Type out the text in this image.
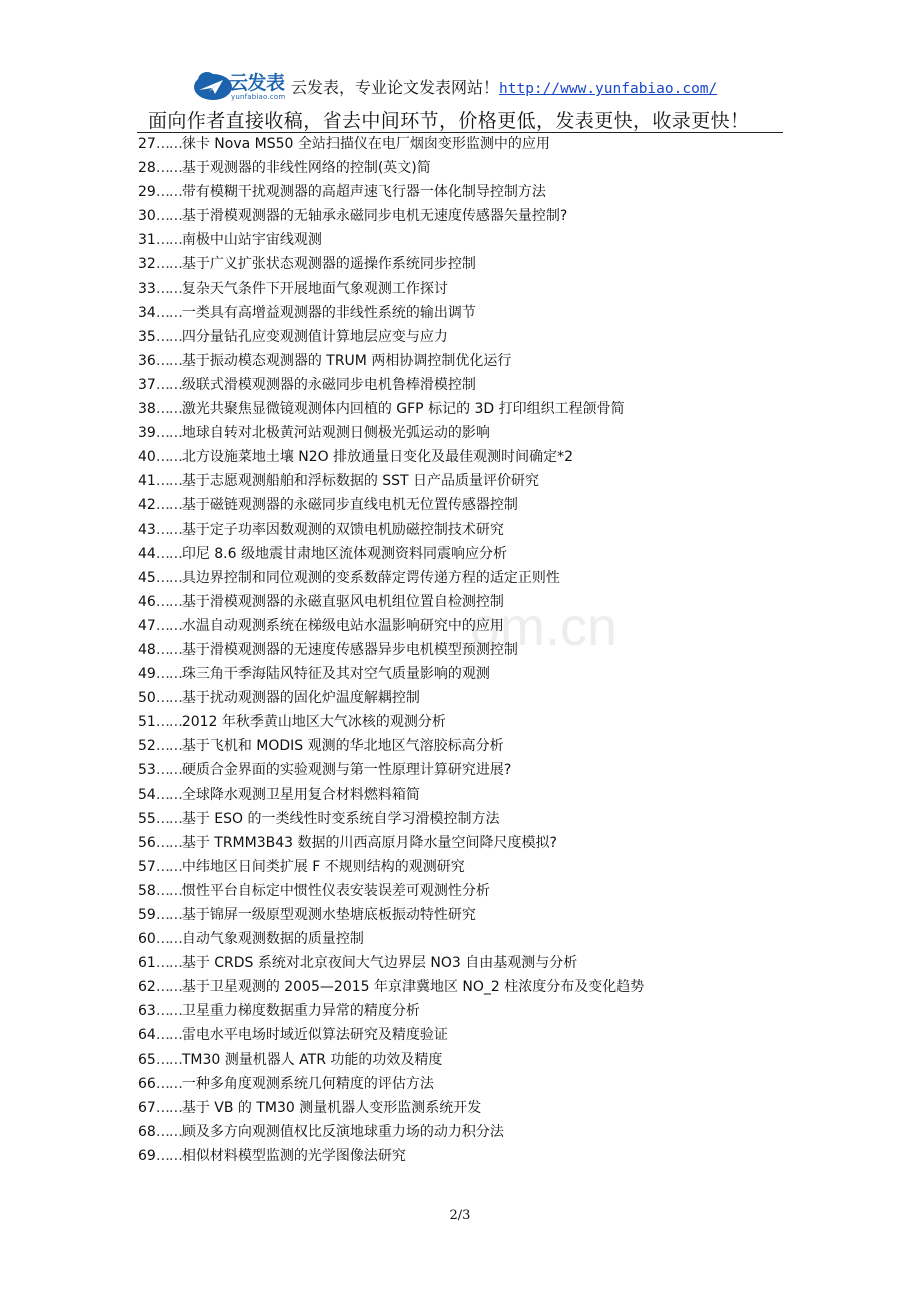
云发表
yunfabiao.com 云发表，专业论文发表网站！http://www.yunfabiao.com/
面向作者直接收稿，省去中间环节，价格更低，发表更快，收录更快！
om.cn
27……徕卡 Nova MS50 全站扫描仪在电厂烟囱变形监测中的应用
28……基于观测器的非线性网络的控制(英文)简
29……带有模糊干扰观测器的高超声速飞行器一体化制导控制方法
30……基于滑模观测器的无轴承永磁同步电机无速度传感器矢量控制?
31……南极中山站宇宙线观测
32……基于广义扩张状态观测器的遥操作系统同步控制
33……复杂天气条件下开展地面气象观测工作探讨
34……一类具有高增益观测器的非线性系统的输出调节
35……四分量钻孔应变观测值计算地层应变与应力
36……基于振动模态观测器的 TRUM 两相协调控制优化运行
37……级联式滑模观测器的永磁同步电机鲁棒滑模控制
38……激光共聚焦显微镜观测体内回植的 GFP 标记的 3D 打印组织工程颌骨简
39……地球自转对北极黄河站观测日侧极光弧运动的影响
40……北方设施菜地土壤 N2O 排放通量日变化及最佳观测时间确定*2
41……基于志愿观测船舶和浮标数据的 SST 日产品质量评价研究
42……基于磁链观测器的永磁同步直线电机无位置传感器控制
43……基于定子功率因数观测的双馈电机励磁控制技术研究
44……印尼 8.6 级地震甘肃地区流体观测资料同震响应分析
45……具边界控制和同位观测的变系数薛定谔传递方程的适定正则性
46……基于滑模观测器的永磁直驱风电机组位置自检测控制
47……水温自动观测系统在梯级电站水温影响研究中的应用
48……基于滑模观测器的无速度传感器异步电机模型预测控制
49……珠三角干季海陆风特征及其对空气质量影响的观测
50……基于扰动观测器的固化炉温度解耦控制
51……2012 年秋季黄山地区大气冰核的观测分析
52……基于飞机和 MODIS 观测的华北地区气溶胶标高分析
53……硬质合金界面的实验观测与第一性原理计算研究进展?
54……全球降水观测卫星用复合材料燃料箱简
55……基于 ESO 的一类线性时变系统自学习滑模控制方法
56……基于 TRMM3B43 数据的川西高原月降水量空间降尺度模拟?
57……中纬地区日间类扩展 F 不规则结构的观测研究
58……惯性平台自标定中惯性仪表安装误差可观测性分析
59……基于锦屏一级原型观测水垫塘底板振动特性研究
60……自动气象观测数据的质量控制
61……基于 CRDS 系统对北京夜间大气边界层 NO3 自由基观测与分析
62……基于卫星观测的 2005—2015 年京津冀地区 NO_2 柱浓度分布及变化趋势
63……卫星重力梯度数据重力异常的精度分析
64……雷电水平电场时域近似算法研究及精度验证
65……TM30 测量机器人 ATR 功能的功效及精度
66……一种多角度观测系统几何精度的评估方法
67……基于 VB 的 TM30 测量机器人变形监测系统开发
68……顾及多方向观测值权比反演地球重力场的动力积分法
69……相似材料模型监测的光学图像法研究
2/3
